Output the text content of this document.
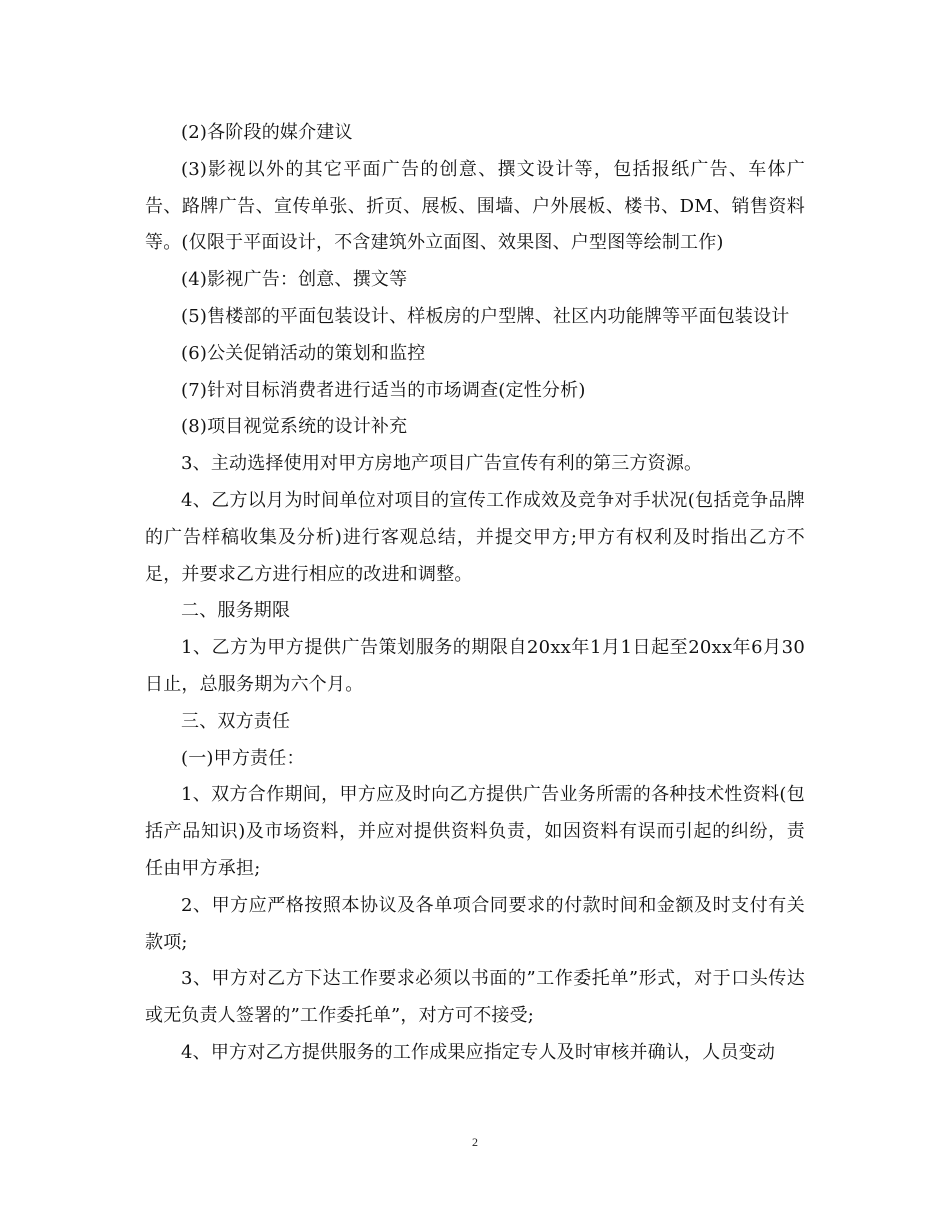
(2)各阶段的媒介建议

(3)影视以外的其它平面广告的创意、撰文设计等，包括报纸广告、车体广告、路牌广告、宣传单张、折页、展板、围墙、户外展板、楼书、DM、销售资料等。(仅限于平面设计，不含建筑外立面图、效果图、户型图等绘制工作)

(4)影视广告：创意、撰文等

(5)售楼部的平面包装设计、样板房的户型牌、社区内功能牌等平面包装设计

(6)公关促销活动的策划和监控

(7)针对目标消费者进行适当的市场调查(定性分析)

(8)项目视觉系统的设计补充

3、主动选择使用对甲方房地产项目广告宣传有利的第三方资源。

4、乙方以月为时间单位对项目的宣传工作成效及竞争对手状况(包括竞争品牌的广告样稿收集及分析)进行客观总结，并提交甲方;甲方有权利及时指出乙方不足，并要求乙方进行相应的改进和调整。

二、服务期限

1、乙方为甲方提供广告策划服务的期限自20xx年1月1日起至20xx年6月30日止，总服务期为六个月。

三、双方责任

(一)甲方责任：

1、双方合作期间，甲方应及时向乙方提供广告业务所需的各种技术性资料(包括产品知识)及市场资料，并应对提供资料负责，如因资料有误而引起的纠纷，责任由甲方承担;

2、甲方应严格按照本协议及各单项合同要求的付款时间和金额及时支付有关款项;

3、甲方对乙方下达工作要求必须以书面的”工作委托单”形式，对于口头传达或无负责人签署的”工作委托单”，对方可不接受;

4、甲方对乙方提供服务的工作成果应指定专人及时审核并确认，人员变动

2
